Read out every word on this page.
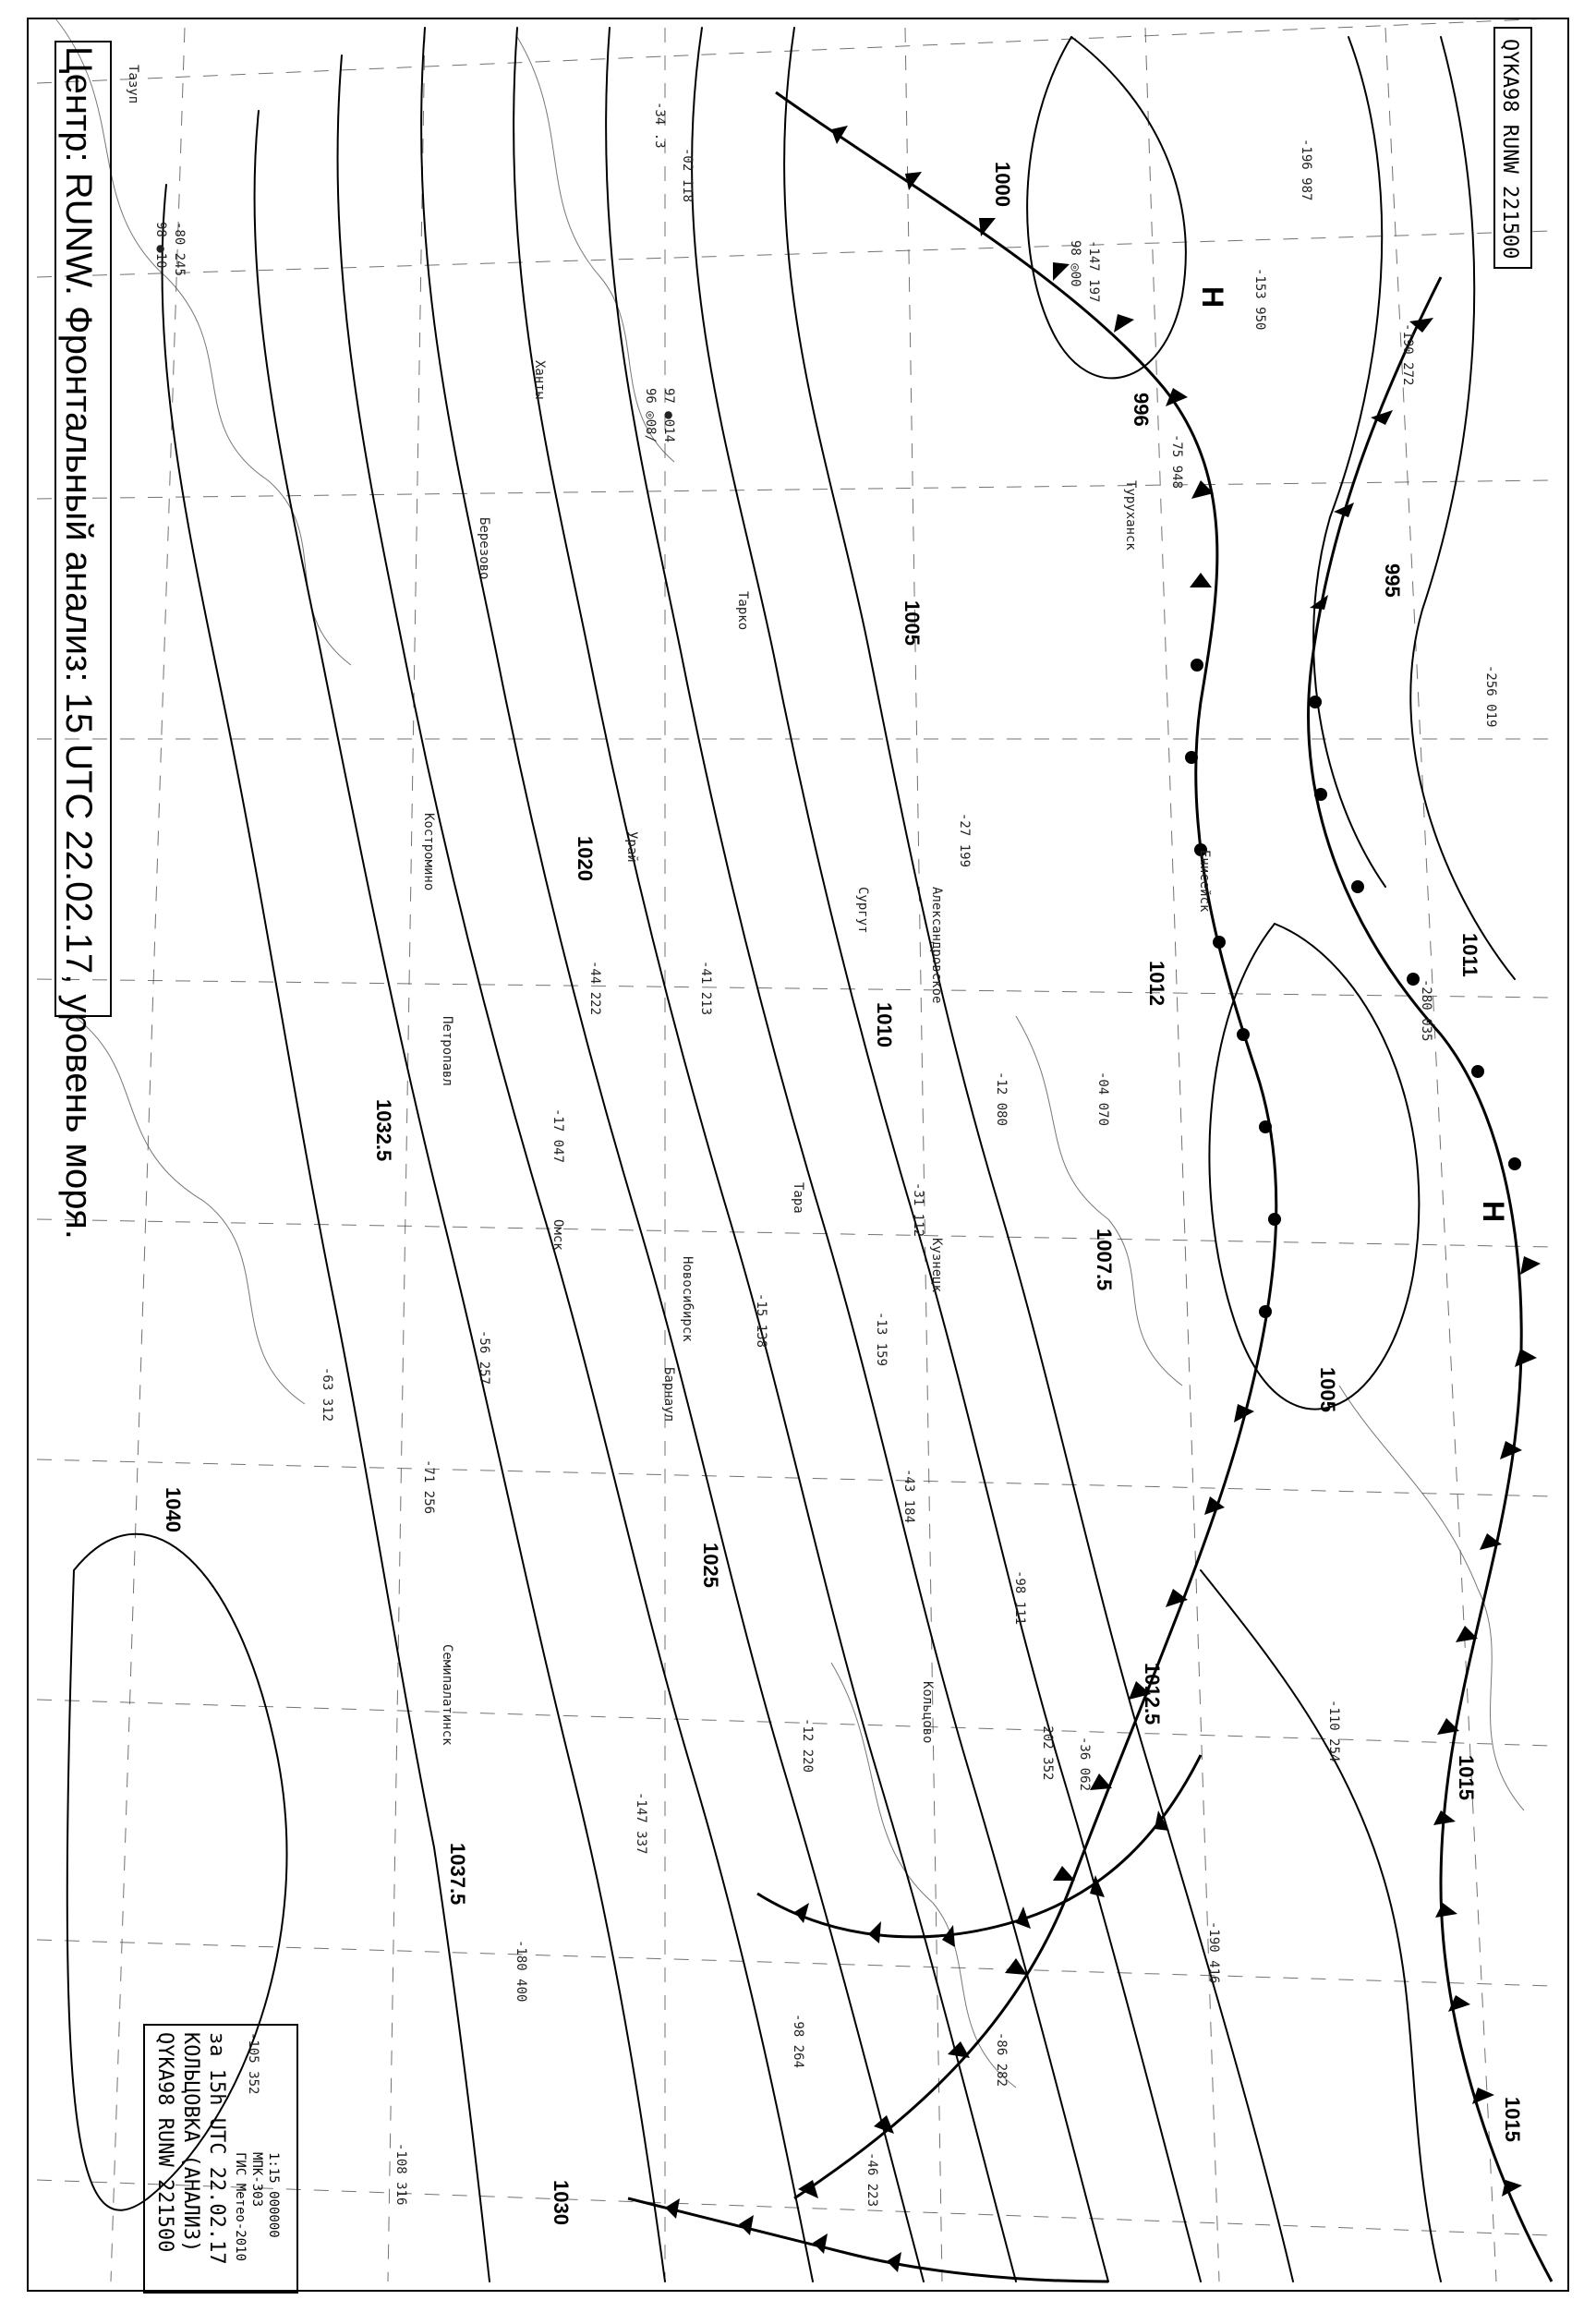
-80 245
98 ●10
-34 .3
-02 118
97 ●014
96 ◎08/
-147 197
98 ◎00
-27 199
-75 948
-153 950
-196 987
-190 272
-256 019
-280 035
-04 070
-12 080
-31 112
-41 213
-44 222
-15 138
-98 111
-36 062
-43 184
-56 257
-63 312
-71 256
-147 337
-180 400
-98 264
-202 352
-190 416
-46 223
-12 220
-108 316
-105 352
-110 254
-86 282
-13 159
-17 047
Тазуп
Березово
Ханты
Костромино	Урай
Тарко
Сургут	Александровское
Тара
Кузнецк
Туруханск
Енисейск
Кольцово
Петропавл
Омск
Новосибирск
Барнаул
Семипалатинск
1000
1005
1010
1007.5
1005
1012.5
1025
1020
1032.5
1037.5
1040
1030
1015
996
995
1012
1011
1015
Н
Н
Центр: RUNW. Фронтальный анализ: 15 UTC 22.02.17, уровень моря.	QYKA98 RUNW 221500
QYKA98 RUNW 221500 КОЛЬЦОВКА (АНАЛИЗ) за 15h UTC 22.02.17 ГИС Метео-2010 МПК-303 1:15 000000
